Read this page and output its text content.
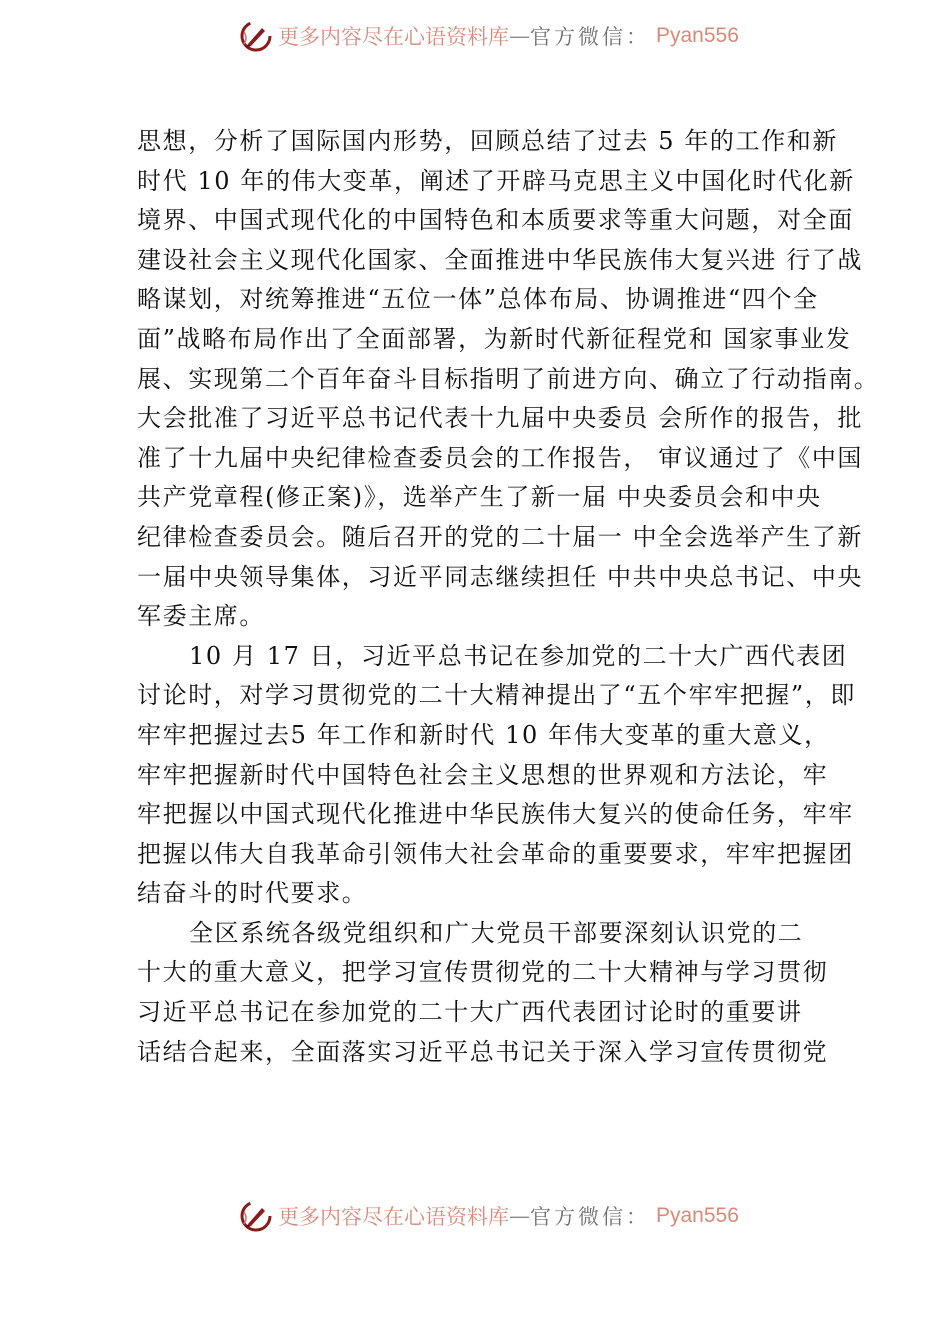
更多内容尽在心语资料库 — 官方微信： Pyan556
思想，分析了国际国内形势，回顾总结了过去 5 年的工作和新
时代 10 年的伟大变革，阐述了开辟马克思主义中国化时代化新
境界、中国式现代化的中国特色和本质要求等重大问题，对全面
建设社会主义现代化国家、全面推进中华民族伟大复兴进 行了战
略谋划，对统筹推进“五位一体”总体布局、协调推进“四个全
面”战略布局作出了全面部署，为新时代新征程党和 国家事业发
展、实现第二个百年奋斗目标指明了前进方向、确立了行动指南。
大会批准了习近平总书记代表十九届中央委员 会所作的报告，批
准了十九届中央纪律检查委员会的工作报告， 审议通过了《中国
共产党章程(修正案)》，选举产生了新一届 中央委员会和中央
纪律检查委员会。随后召开的党的二十届一 中全会选举产生了新
一届中央领导集体，习近平同志继续担任 中共中央总书记、中央
军委主席。
10 月 17 日，习近平总书记在参加党的二十大广西代表团
讨论时，对学习贯彻党的二十大精神提出了“五个牢牢把握”，即
牢牢把握过去5 年工作和新时代 10 年伟大变革的重大意义，
牢牢把握新时代中国特色社会主义思想的世界观和方法论，牢
牢把握以中国式现代化推进中华民族伟大复兴的使命任务，牢牢
把握以伟大自我革命引领伟大社会革命的重要要求，牢牢把握团
结奋斗的时代要求。
全区系统各级党组织和广大党员干部要深刻认识党的二
十大的重大意义，把学习宣传贯彻党的二十大精神与学习贯彻
习近平总书记在参加党的二十大广西代表团讨论时的重要讲
话结合起来，全面落实习近平总书记关于深入学习宣传贯彻党
更多内容尽在心语资料库 — 官方微信： Pyan556
